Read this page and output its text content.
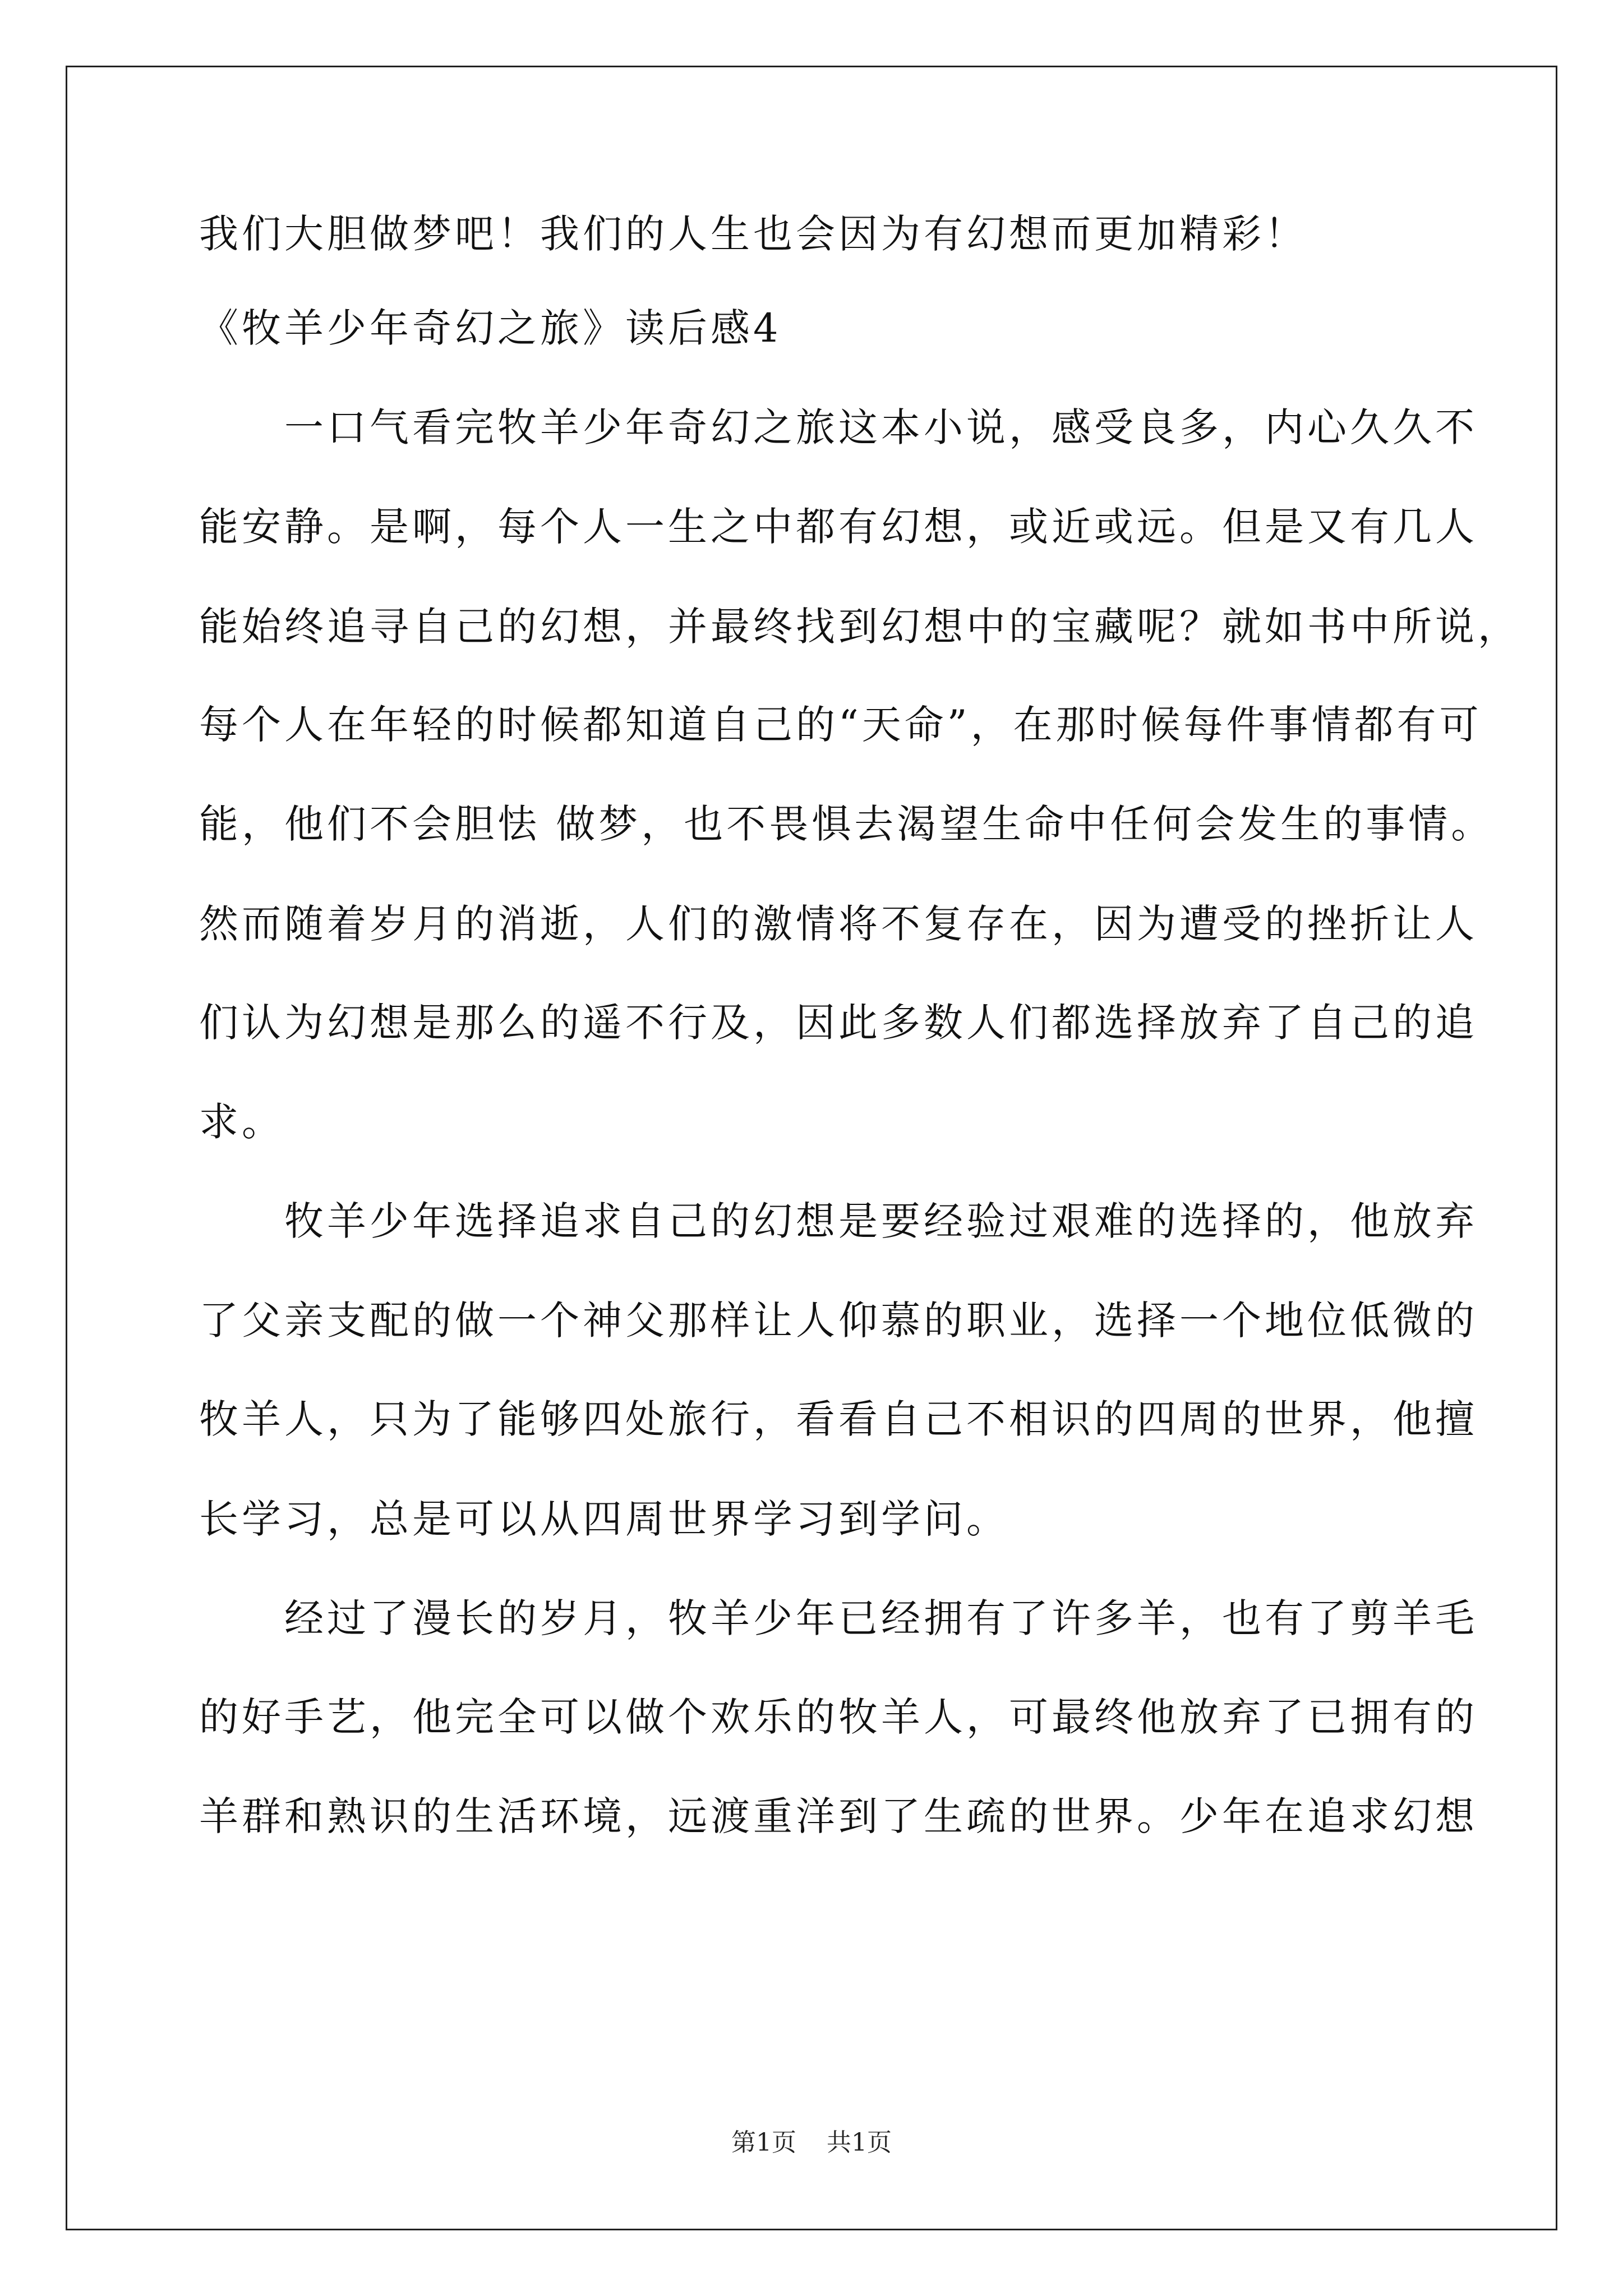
我们大胆做梦吧！我们的人生也会因为有幻想而更加精彩！
《牧羊少年奇幻之旅》读后感4
　　一口气看完牧羊少年奇幻之旅这本小说，感受良多，内心久久不
能安静。是啊，每个人一生之中都有幻想，或近或远。但是又有几人
能始终追寻自己的幻想，并最终找到幻想中的宝藏呢？就如书中所说，
每个人在年轻的时候都知道自己的“天命”，在那时候每件事情都有可
能，他们不会胆怯 做梦，也不畏惧去渴望生命中任何会发生的事情。
然而随着岁月的消逝，人们的激情将不复存在，因为遭受的挫折让人
们认为幻想是那么的遥不行及，因此多数人们都选择放弃了自己的追
求。
　　牧羊少年选择追求自己的幻想是要经验过艰难的选择的，他放弃
了父亲支配的做一个神父那样让人仰慕的职业，选择一个地位低微的
牧羊人，只为了能够四处旅行，看看自己不相识的四周的世界，他擅
长学习，总是可以从四周世界学习到学问。
　　经过了漫长的岁月，牧羊少年已经拥有了许多羊，也有了剪羊毛
的好手艺，他完全可以做个欢乐的牧羊人，可最终他放弃了已拥有的
羊群和熟识的生活环境，远渡重洋到了生疏的世界。少年在追求幻想
第1页 共1页
